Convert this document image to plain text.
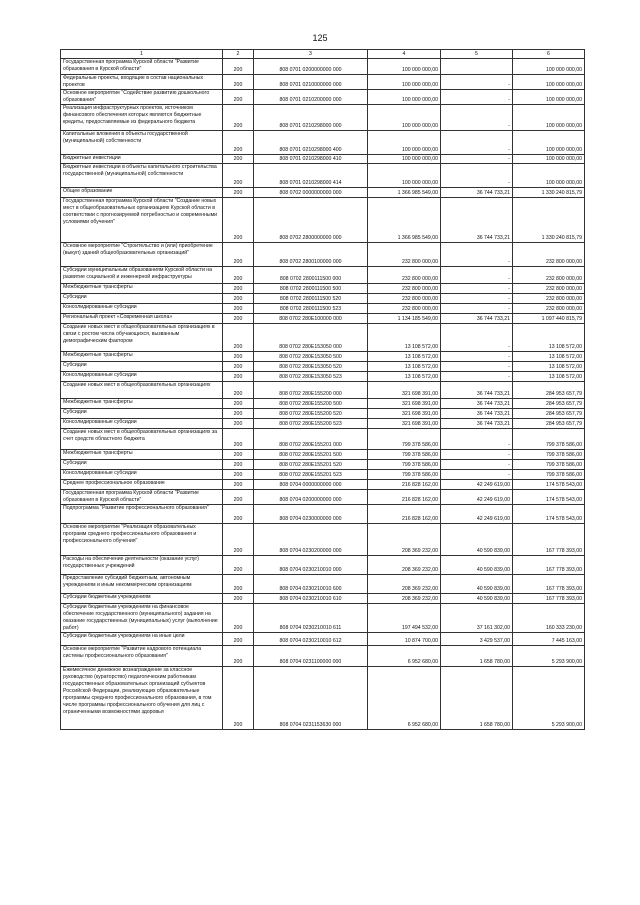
125
1	2	3	4	5	6
Государственная программа Курской области "Развитие образования в Курской области"	200	808 0701 0200000000 000	100 000 000,00		100 000 000,00
Федеральные проекты, входящие в состав национальных проектов	200	808 0701 0210000000 000	100 000 000,00	-	100 000 000,00
Основное мероприятие "Содействие развитию дошкольного образования"	200	808 0701 0210200000 000	100 000 000,00	-	100 000 000,00
Реализация инфраструктурных проектов, источником финансового обеспечения которых являются бюджетные кредиты, предоставляемые из федерального бюджета	200	808 0701 0210298000 000	100 000 000,00	-	100 000 000,00
Капитальные вложения в объекты государственной (муниципальной) собственности	200	808 0701 0210298000 400	100 000 000,00	-	100 000 000,00
Бюджетные инвестиции	200	808 0701 0210298000 410	100 000 000,00	-	100 000 000,00
Бюджетные инвестиции в объекты капитального строительства государственной (муниципальной) собственности	200	808 0701 0210298000 414	100 000 000,00	-	100 000 000,00
Общее образование	200	808 0702 0000000000 000	1 366 985 549,00	36 744 733,21	1 330 240 815,79
Государственная программа Курской области "Создание новых мест в общеобразовательных организациях Курской области в соответствии с прогнозируемой потребностью и современными условиями обучения"	200	808 0702 2800000000 000	1 366 985 549,00	36 744 733,21	1 330 240 815,79
Основное мероприятие "Строительство и (или) приобретение (выкуп) зданий общеобразовательных организаций"	200	808 0702 2800100000 000	232 800 000,00	-	232 800 000,00
Субсидии муниципальным образованиям Курской области на развитие социальной и инженерной инфраструктуры	200	808 0702 2800111500 000	232 800 000,00	-	232 800 000,00
Межбюджетные трансферты	200	808 0702 2800111500 500	232 800 000,00	-	232 800 000,00
Субсидии	200	808 0702 2800111500 520	232 800 000,00	-	232 800 000,00
Консолидированные субсидии	200	808 0702 2800111500 523	232 800 000,00	-	232 800 000,00
Региональный проект «Современная школа»	200	808 0702 280E100000 000	1 134 185 549,00	36 744 733,21	1 097 440 815,79
Создание новых мест в общеобразовательных организациях в связи с ростом числа обучающихся, вызванным демографическим фактором	200	808 0702 280E153050 000	13 108 572,00	-	13 108 572,00
Межбюджетные трансферты	200	808 0702 280E153050 500	13 108 572,00	-	13 108 572,00
Субсидии	200	808 0702 280E153050 520	13 108 572,00	-	13 108 572,00
Консолидированные субсидии	200	808 0702 280E153050 523	13 108 572,00	-	13 108 572,00
Создание новых мест в общеобразовательных организациях	200	808 0702 280E155200 000	321 698 391,00	36 744 733,21	284 953 657,79
Межбюджетные трансферты	200	808 0702 280E155200 500	321 698 391,00	36 744 733,21	284 953 657,79
Субсидии	200	808 0702 280E155200 520	321 698 391,00	36 744 733,21	284 953 657,79
Консолидированные субсидии	200	808 0702 280E155200 523	321 698 391,00	36 744 733,21	284 953 657,79
Создание новых мест в общеобразовательных организациях за счет средств областного бюджета	200	808 0702 280E155201 000	799 378 586,00	-	799 378 586,00
Межбюджетные трансферты	200	808 0702 280E155201 500	799 378 586,00	-	799 378 586,00
Субсидии	200	808 0702 280E155201 520	799 378 586,00	-	799 378 586,00
Консолидированные субсидии	200	808 0702 280E155201 523	799 378 586,00	-	799 378 586,00
Среднее профессиональное образование	200	808 0704 0000000000 000	216 828 162,00	42 249 619,00	174 578 543,00
Государственная программа Курской области "Развитие образования в Курской области"	200	808 0704 0200000000 000	216 828 162,00	42 249 619,00	174 578 543,00
Подпрограмма "Развитие профессионального образования"	200	808 0704 0230000000 000	216 828 162,00	42 249 619,00	174 578 543,00
Основное мероприятие "Реализация образовательных программ среднего профессионального образования и профессионального обучения"	200	808 0704 0230200000 000	208 369 232,00	40 590 839,00	167 778 393,00
Расходы на обеспечение деятельности (оказание услуг) государственных учреждений	200	808 0704 0230210010 000	208 369 232,00	40 590 839,00	167 778 393,00
Предоставление субсидий бюджетным, автономным учреждениям и иным некоммерческим организациям	200	808 0704 0230210010 600	208 369 232,00	40 590 839,00	167 778 393,00
Субсидии бюджетным учреждениям	200	808 0704 0230210010 610	208 369 232,00	40 590 839,00	167 778 393,00
Субсидии бюджетным учреждениям на финансовое обеспечение государственного (муниципального) задания на оказание государственных (муниципальных) услуг (выполнение работ)	200	808 0704 0230210010 611	197 494 532,00	37 161 302,00	160 333 230,00
Субсидии бюджетным учреждениям на иные цели	200	808 0704 0230210010 612	10 874 700,00	3 429 537,00	7 445 163,00
Основное мероприятие "Развитие кадрового потенциала системы профессионального образования"	200	808 0704 0231100000 000	6 952 680,00	1 658 780,00	5 293 900,00
Ежемесячное денежное вознаграждение за классное руководство (кураторство) педагогическим работникам государственных образовательных организаций субъектов Российской Федерации, реализующих образовательные программы среднего профессионального образования, в том числе программы профессионального обучения для лиц с ограниченными возможностями здоровья	200	808 0704 0231153630 000	6 952 680,00	1 658 780,00	5 293 900,00
